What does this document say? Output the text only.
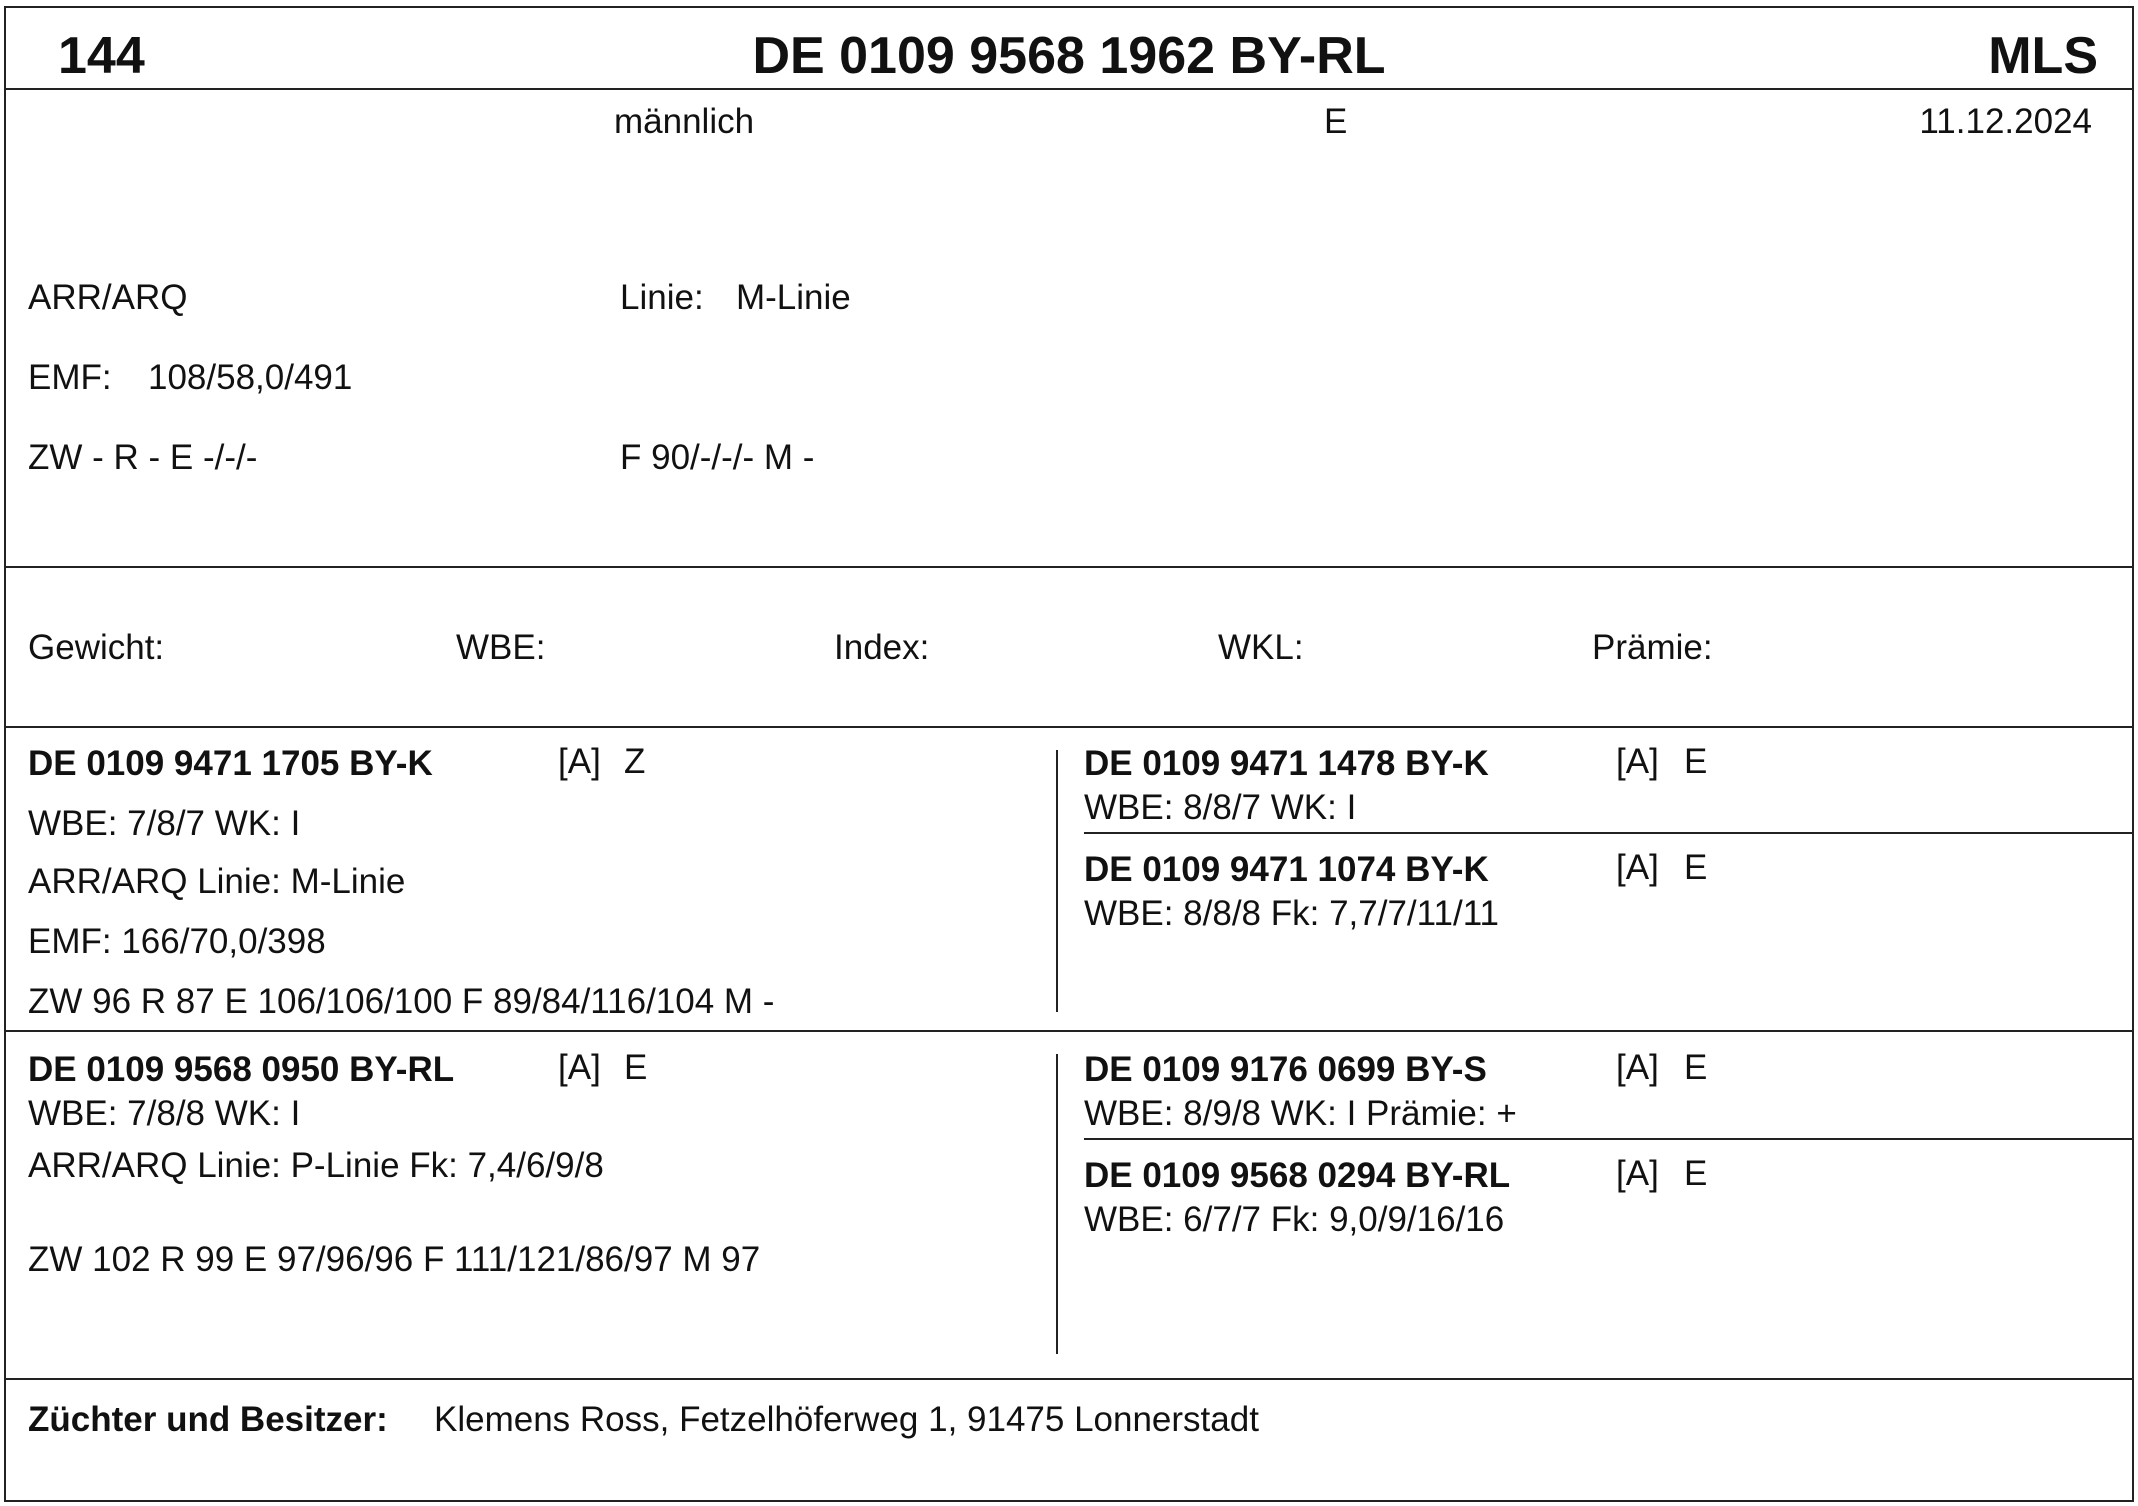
144	DE 0109 9568 1962 BY-RL	MLS
männlich	E	11.12.2024
ARR/ARQ	Linie: M-Linie
EMF: 108/58,0/491
ZW - R - E -/-/-	F 90/-/-/- M -
Gewicht:	WBE:	Index:	WKL:	Prämie:
DE 0109 9471 1705 BY-K	[A] Z
WBE: 7/8/7 WK: I
ARR/ARQ Linie: M-Linie
EMF: 166/70,0/398
ZW 96 R 87 E 106/106/100 F 89/84/116/104 M -
DE 0109 9471 1478 BY-K	[A] E
WBE: 8/8/7 WK: I
DE 0109 9471 1074 BY-K	[A] E
WBE: 8/8/8 Fk: 7,7/7/11/11
DE 0109 9568 0950 BY-RL	[A] E
WBE: 7/8/8 WK: I
ARR/ARQ Linie: P-Linie Fk: 7,4/6/9/8
ZW 102 R 99 E 97/96/96 F 111/121/86/97 M 97
DE 0109 9176 0699 BY-S	[A] E
WBE: 8/9/8 WK: I Prämie: +
DE 0109 9568 0294 BY-RL	[A] E
WBE: 6/7/7 Fk: 9,0/9/16/16
Züchter und Besitzer: Klemens Ross, Fetzelhöferweg 1, 91475 Lonnerstadt
